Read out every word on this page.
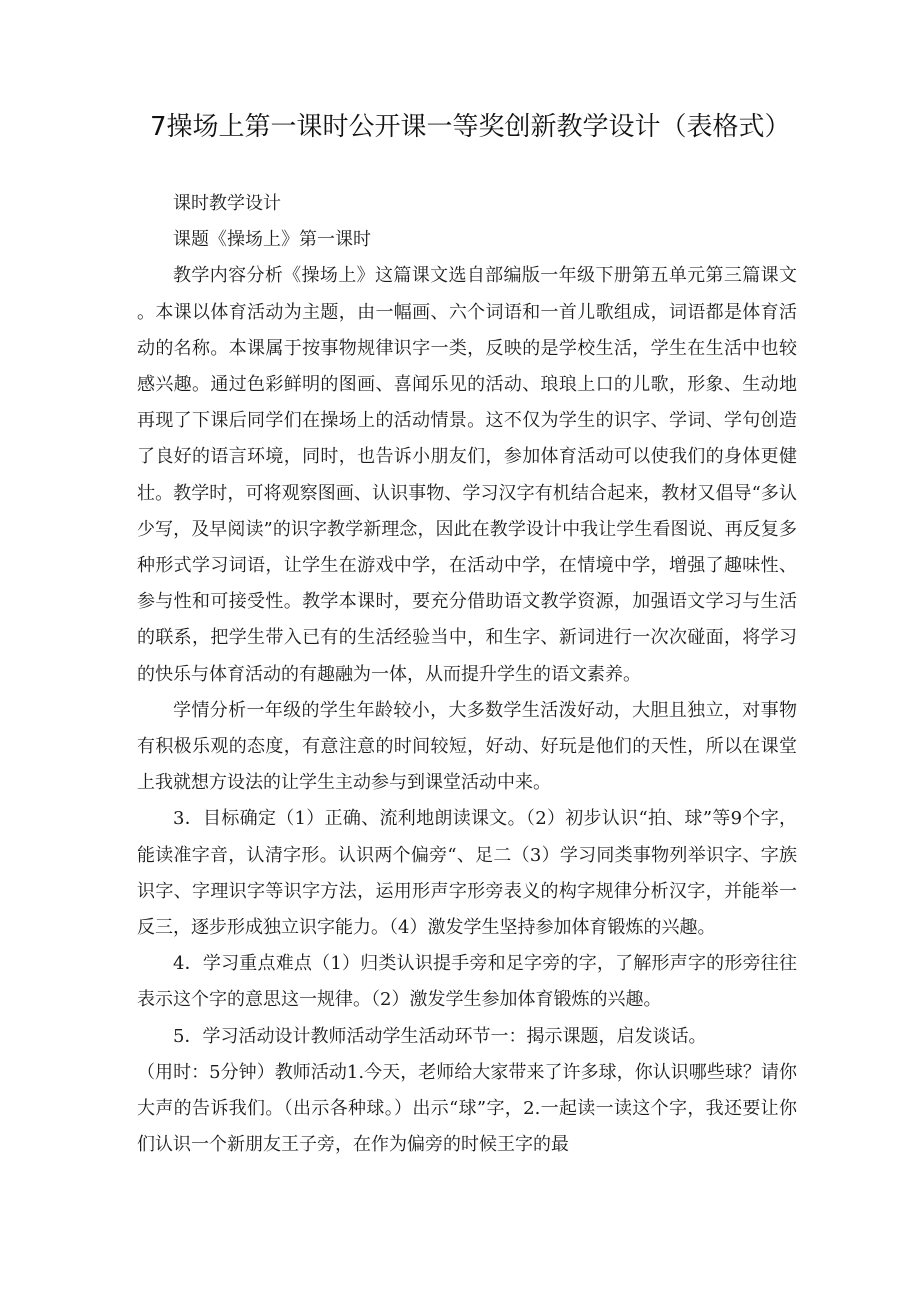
7操场上第一课时公开课一等奖创新教学设计（表格式）

课时教学设计

课题《操场上》第一课时

教学内容分析《操场上》这篇课文选自部编版一年级下册第五单元第三篇课文。本课以体育活动为主题，由一幅画、六个词语和一首儿歌组成，词语都是体育活动的名称。本课属于按事物规律识字一类，反映的是学校生活，学生在生活中也较感兴趣。通过色彩鲜明的图画、喜闻乐见的活动、琅琅上口的儿歌，形象、生动地再现了下课后同学们在操场上的活动情景。这不仅为学生的识字、学词、学句创造了良好的语言环境，同时，也告诉小朋友们，参加体育活动可以使我们的身体更健壮。教学时，可将观察图画、认识事物、学习汉字有机结合起来，教材又倡导“多认少写，及早阅读”的识字教学新理念，因此在教学设计中我让学生看图说、再反复多种形式学习词语，让学生在游戏中学，在活动中学，在情境中学，增强了趣味性、参与性和可接受性。教学本课时，要充分借助语文教学资源，加强语文学习与生活的联系，把学生带入已有的生活经验当中，和生字、新词进行一次次碰面，将学习的快乐与体育活动的有趣融为一体，从而提升学生的语文素养。

学情分析一年级的学生年龄较小，大多数学生活泼好动，大胆且独立，对事物有积极乐观的态度，有意注意的时间较短，好动、好玩是他们的天性，所以在课堂上我就想方设法的让学生主动参与到课堂活动中来。

3．目标确定（1）正确、流利地朗读课文。（2）初步认识“拍、球”等9个字，能读准字音，认清字形。认识两个偏旁“、足二（3）学习同类事物列举识字、字族识字、字理识字等识字方法，运用形声字形旁表义的构字规律分析汉字，并能举一反三，逐步形成独立识字能力。（4）激发学生坚持参加体育锻炼的兴趣。

4．学习重点难点（1）归类认识提手旁和足字旁的字，了解形声字的形旁往往表示这个字的意思这一规律。（2）激发学生参加体育锻炼的兴趣。

5．学习活动设计教师活动学生活动环节一：揭示课题，启发谈话。

（用时：5分钟）教师活动1.今天，老师给大家带来了许多球，你认识哪些球？请你大声的告诉我们。（出示各种球。）出示“球”字，2.一起读一读这个字，我还要让你们认识一个新朋友王子旁，在作为偏旁的时候王字的最
